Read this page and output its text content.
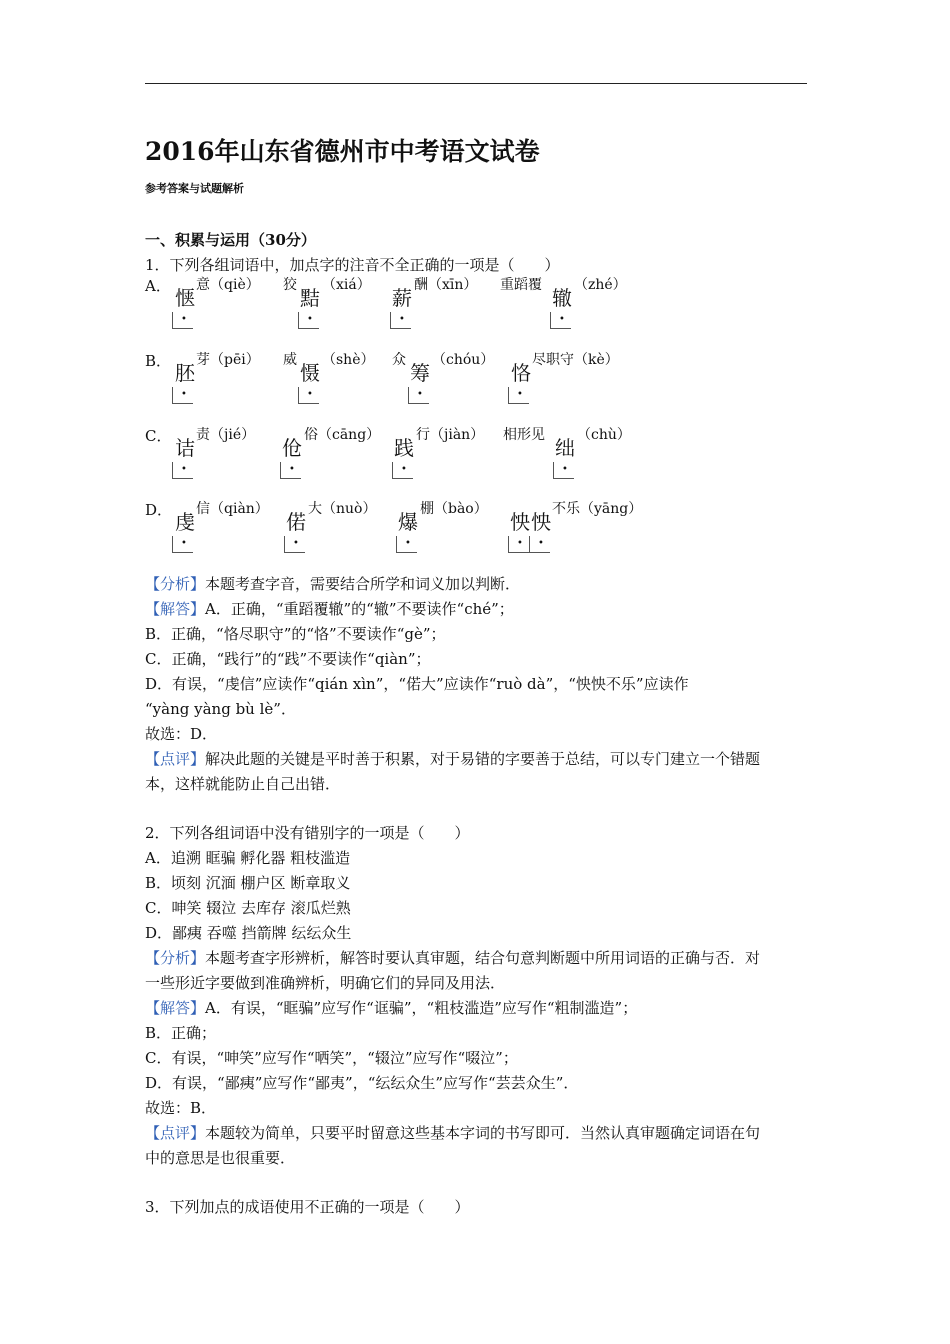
2016年山东省德州市中考语文试卷
参考答案与试题解析
一、积累与运用（30分）
1．下列各组词语中，加点字的注音不全正确的一项是（　　）
A． 惬
•
意（qiè） 狡
黠
•
（xiá）
薪
•
酬（xīn） 重蹈覆
辙
•
（zhé）
B． 胚
•
芽（pēi） 威
慑
•
（shè） 众
筹
•
（chóu）
恪
•
尽职守（kè）
C． 诘
•
责（jié）
伧
•
俗（cāng）
践
•
行（jiàn） 相形见
绌
•
（chù）
D． 虔
•
信（qiàn）
偌
•
大（nuò）
爆
•
棚（bào）
怏
•
怏
•
不乐（yāng）
【分析】本题考查字音，需要结合所学和词义加以判断．
【解答】A．正确，“重蹈覆辙”的“辙”不要读作“ché”；
B．正确，“恪尽职守”的“恪”不要读作“gè”；
C．正确，“践行”的“践”不要读作“qiàn”；
D．有误，“虔信”应读作“qián xìn”，“偌大”应读作“ruò dà”，“怏怏不乐”应读作
“yàng yàng bù lè”．
故选：D．
【点评】解决此题的关键是平时善于积累，对于易错的字要善于总结，可以专门建立一个错题
本，这样就能防止自己出错．
2．下列各组词语中没有错别字的一项是（　　）
A．追溯 眶骗 孵化器 粗枝滥造
B．顷刻 沉湎 棚户区 断章取义
C．呻笑 辍泣 去库存 滚瓜烂熟
D．鄙痍 吞噬 挡箭牌 纭纭众生
【分析】本题考查字形辨析，解答时要认真审题，结合句意判断题中所用词语的正确与否．对
一些形近字要做到准确辨析，明确它们的异同及用法．
【解答】A．有误，“眶骗”应写作“诓骗”，“粗枝滥造”应写作“粗制滥造”；
B．正确；
C．有误，“呻笑”应写作“哂笑”，“辍泣”应写作“啜泣”；
D．有误，“鄙痍”应写作“鄙夷”，“纭纭众生”应写作“芸芸众生”．
故选：B．
【点评】本题较为简单，只要平时留意这些基本字词的书写即可．当然认真审题确定词语在句
中的意思是也很重要．
3．下列加点的成语使用不正确的一项是（　　）
